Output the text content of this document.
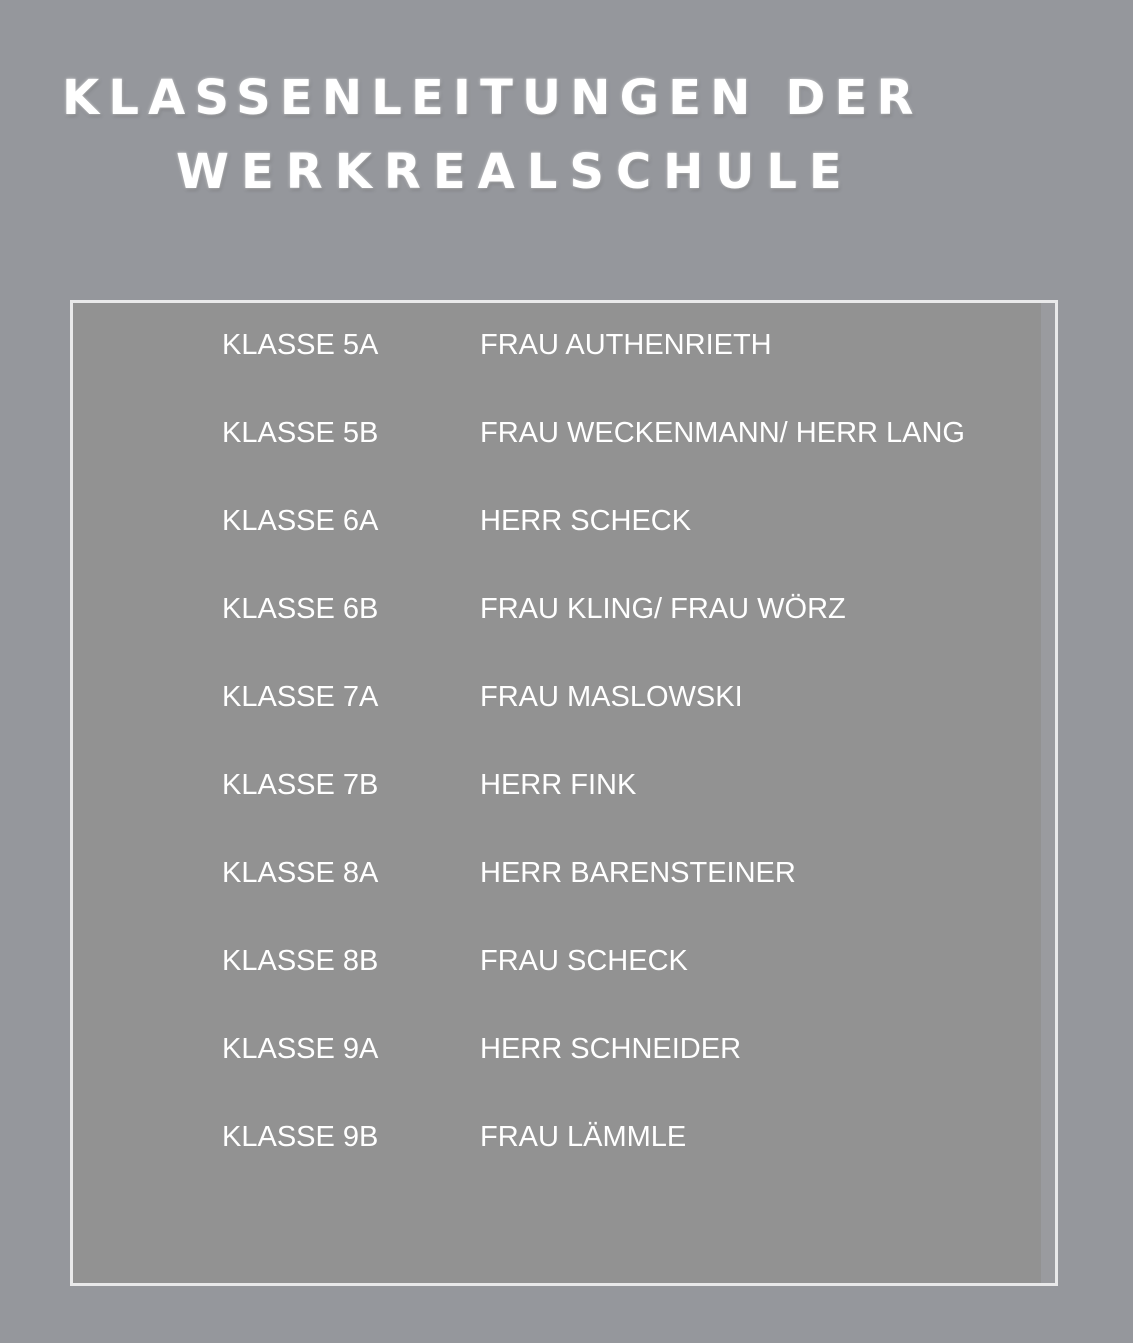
KLASSENLEITUNGEN DER
WERKREALSCHULE
KLASSE 5A	FRAU AUTHENRIETH
KLASSE 5B	FRAU WECKENMANN/ HERR LANG
KLASSE 6A	HERR SCHECK
KLASSE 6B	FRAU KLING/ FRAU WÖRZ
KLASSE 7A	FRAU MASLOWSKI
KLASSE 7B	HERR FINK
KLASSE 8A	HERR BARENSTEINER
KLASSE 8B	FRAU SCHECK
KLASSE 9A	HERR SCHNEIDER
KLASSE 9B	FRAU LÄMMLE
